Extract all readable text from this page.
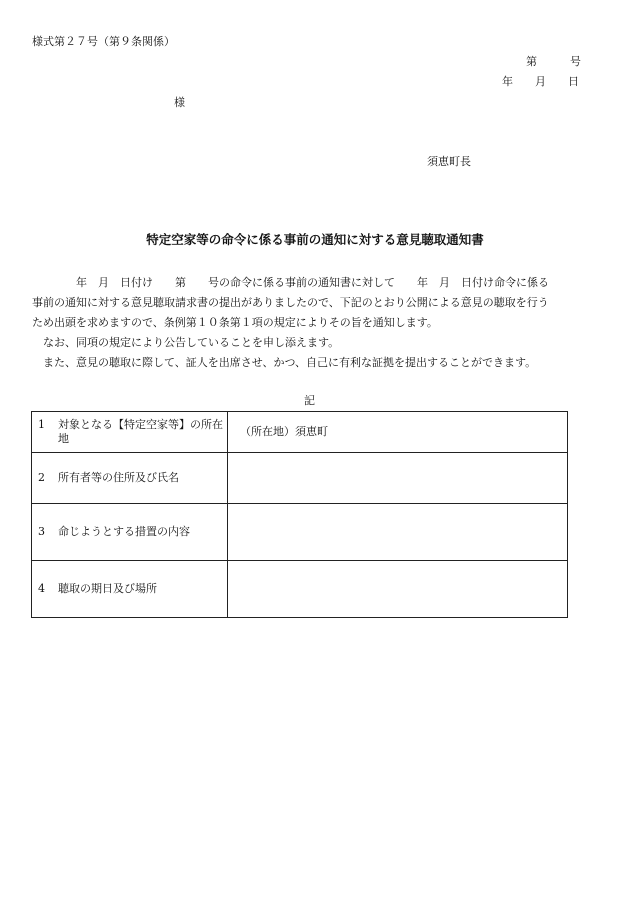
様式第２７号（第９条関係）
第　　　号
年　　月　　日
様
須恵町長
特定空家等の命令に係る事前の通知に対する意見聴取通知書

　　　　年　月　日付け　　第　　号の命令に係る事前の通知書に対して　　年　月　日付け命令に係る

事前の通知に対する意見聴取請求書の提出がありましたので、下記のとおり公開による意見の聴取を行う

ため出頭を求めますので、条例第１０条第１項の規定によりその旨を通知します。

　なお、同項の規定により公告していることを申し添えます。

　また、意見の聴取に際して、証人を出席させ、かつ、自己に有利な証拠を提出することができます。

記
1 対象となる【特定空家等】の所在地	（所在地）須恵町

2 所有者等の住所及び氏名	

3 命じようとする措置の内容	

4 聴取の期日及び場所	
